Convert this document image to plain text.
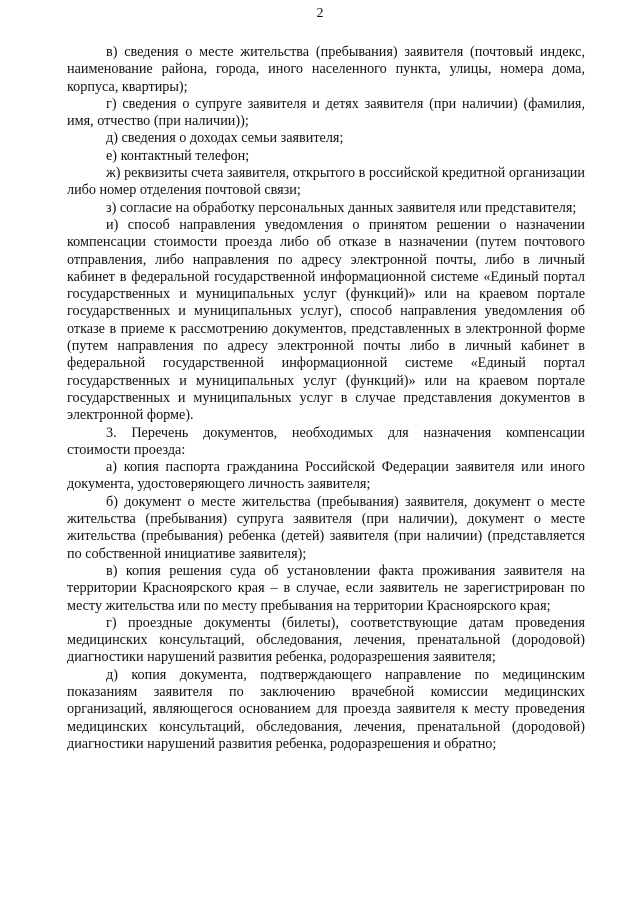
2

в) сведения о месте жительства (пребывания) заявителя (почтовый индекс, наименование района, города, иного населенного пункта, улицы, номера дома, корпуса, квартиры);

г) сведения о супруге заявителя и детях заявителя (при наличии) (фамилия, имя, отчество (при наличии));

д) сведения о доходах семьи заявителя;

е) контактный телефон;

ж) реквизиты счета заявителя, открытого в российской кредитной организации либо номер отделения почтовой связи;

з) согласие на обработку персональных данных заявителя или представителя;

и) способ направления уведомления о принятом решении о назначении компенсации стоимости проезда либо об отказе в назначении (путем почтового отправления, либо направления по адресу электронной почты, либо в личный кабинет в федеральной государственной информационной системе «Единый портал государственных и муниципальных услуг (функций)» или на краевом портале государственных и муниципальных услуг), способ направления уведомления об отказе в приеме к рассмотрению документов, представленных в электронной форме (путем направления по адресу электронной почты либо в личный кабинет в федеральной государственной информационной системе «Единый портал государственных и муниципальных услуг (функций)» или на краевом портале государственных и муниципальных услуг в случае представления документов в электронной форме).

3. Перечень документов, необходимых для назначения компенсации стоимости проезда:

а) копия паспорта гражданина Российской Федерации заявителя или иного документа, удостоверяющего личность заявителя;

б) документ о месте жительства (пребывания) заявителя, документ о месте жительства (пребывания) супруга заявителя (при наличии), документ о месте жительства (пребывания) ребенка (детей) заявителя (при наличии) (представляется по собственной инициативе заявителя);

в) копия решения суда об установлении факта проживания заявителя на территории Красноярского края – в случае, если заявитель не зарегистрирован по месту жительства или по месту пребывания на территории Красноярского края;

г) проездные документы (билеты), соответствующие датам проведения медицинских консультаций, обследования, лечения, пренатальной (дородовой) диагностики нарушений развития ребенка, родоразрешения заявителя;

д) копия документа, подтверждающего направление по медицинским показаниям заявителя по заключению врачебной комиссии медицинских организаций, являющегося основанием для проезда заявителя к месту проведения медицинских консультаций, обследования, лечения, пренатальной (дородовой) диагностики нарушений развития ребенка, родоразрешения и обратно;
